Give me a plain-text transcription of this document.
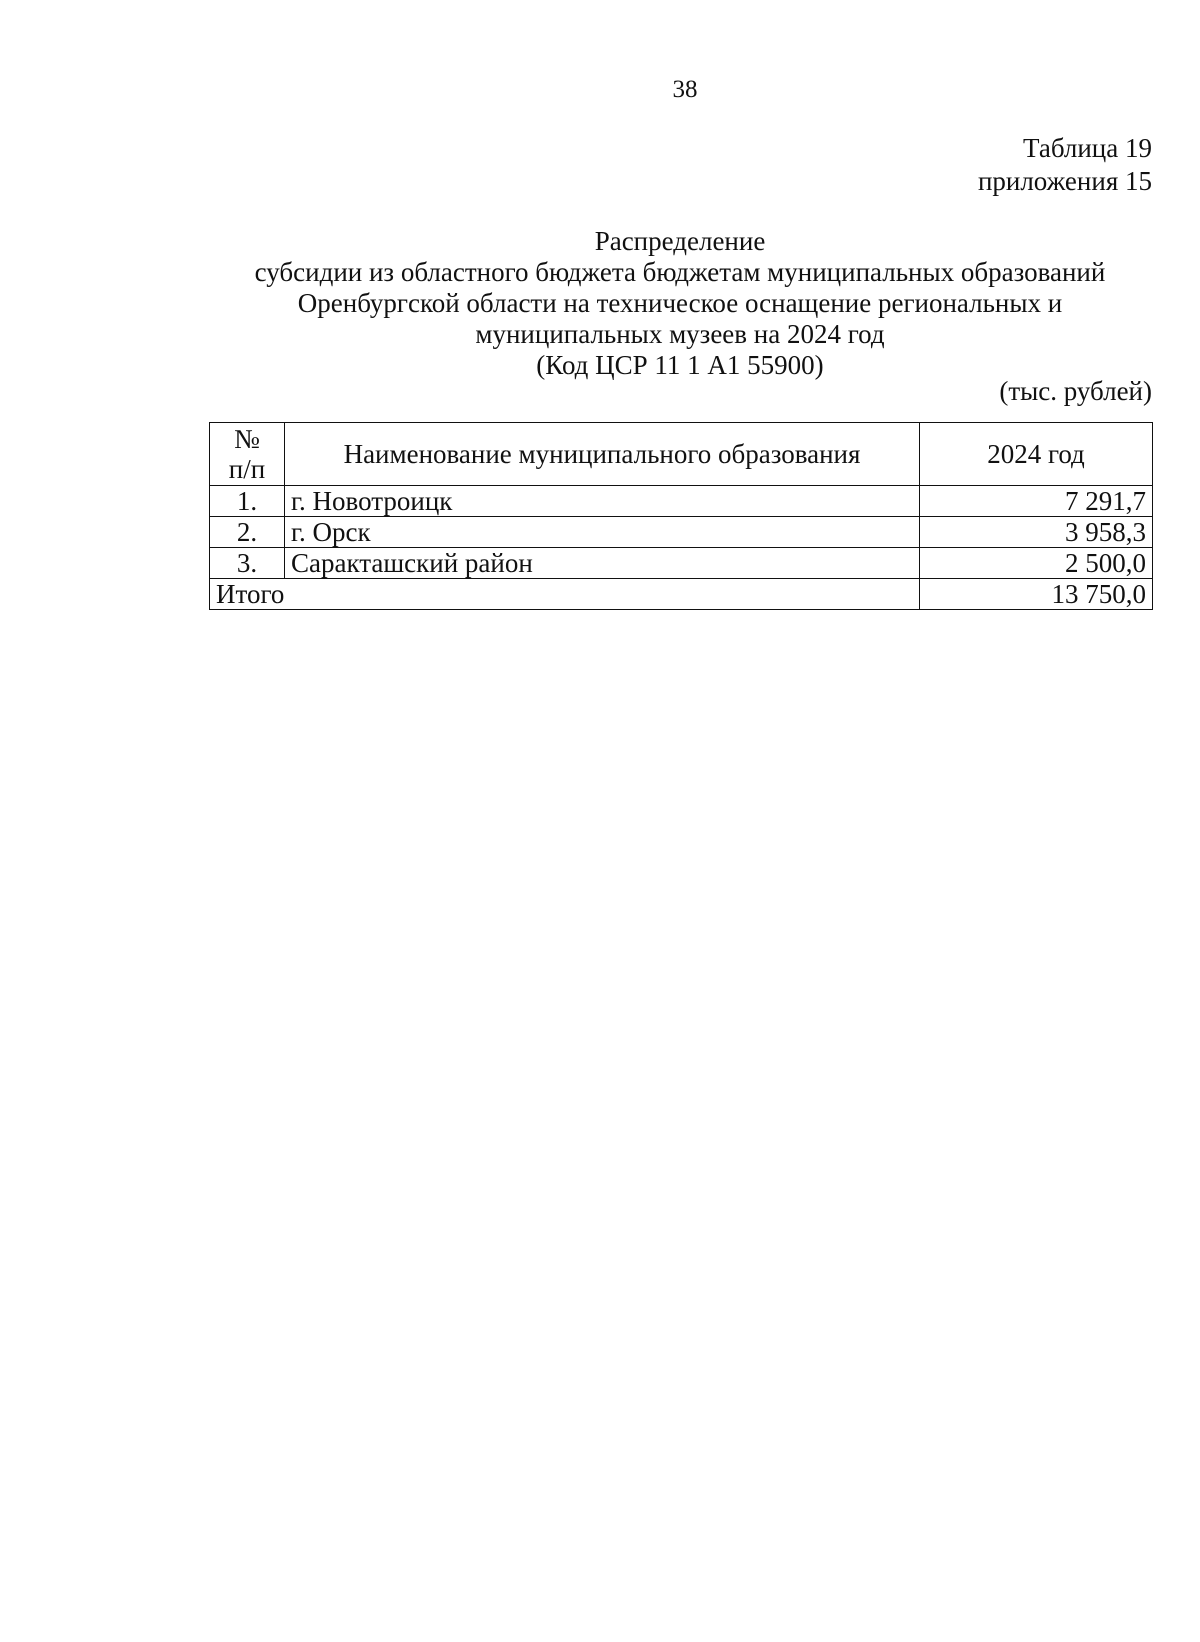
38
Таблица 19
приложения 15
Распределение
субсидии из областного бюджета бюджетам муниципальных образований
Оренбургской области на техническое оснащение региональных и
муниципальных музеев на 2024 год
(Код ЦСР 11 1 А1 55900)
(тыс. рублей)
№
п/п	Наименование муниципального образования	2024 год
1.	г. Новотроицк	7 291,7
2.	г. Орск	3 958,3
3.	Саракташский район	2 500,0
Итого		13 750,0
